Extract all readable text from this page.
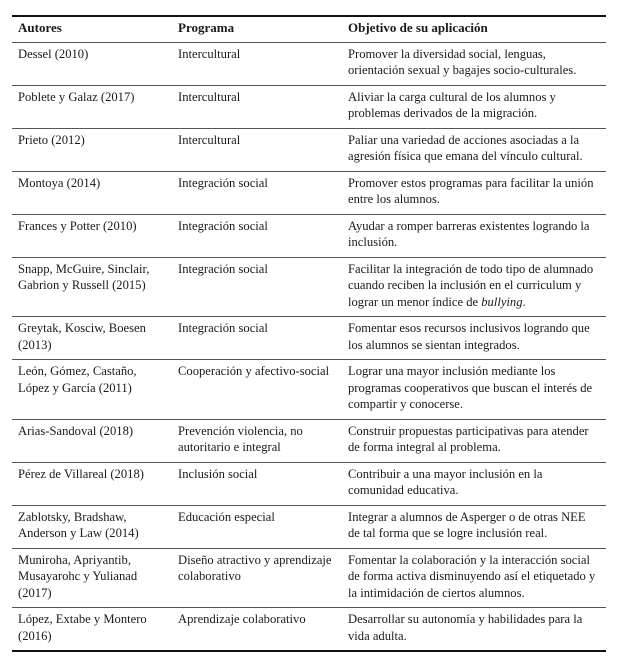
Autores	Programa	Objetivo de su aplicación
Dessel (2010)	Intercultural	Promover la diversidad social, lenguas, orientación sexual y bagajes socio-culturales.
Poblete y Galaz (2017)	Intercultural	Aliviar la carga cultural de los alumnos y problemas derivados de la migración.
Prieto (2012)	Intercultural	Paliar una variedad de acciones asociadas a la agresión física que emana del vínculo cultural.
Montoya (2014)	Integración social	Promover estos programas para facilitar la unión entre los alumnos.
Frances y Potter (2010)	Integración social	Ayudar a romper barreras existentes logrando la inclusión.
Snapp, McGuire, Sinclair, Gabrion y Russell (2015)	Integración social	Facilitar la integración de todo tipo de alumnado cuando reciben la inclusión en el curriculum y lograr un menor índice de bullying.
Greytak, Kosciw, Boesen (2013)	Integración social	Fomentar esos recursos inclusivos logrando que los alumnos se sientan integrados.
León, Gómez, Castaño, López y García (2011)	Cooperación y afectivo-social	Lograr una mayor inclusión mediante los programas cooperativos que buscan el interés de compartir y conocerse.
Arias-Sandoval (2018)	Prevención violencia, no autoritario e integral	Construir propuestas participativas para atender de forma integral al problema.
Pérez de Villareal (2018)	Inclusión social	Contribuir a una mayor inclusión en la comunidad educativa.
Zablotsky, Bradshaw, Anderson y Law (2014)	Educación especial	Integrar a alumnos de Asperger o de otras NEE de tal forma que se logre inclusión real.
Muniroha, Apriyantib, Musayarohc y Yulianad (2017)	Diseño atractivo y aprendizaje colaborativo	Fomentar la colaboración y la interacción social de forma activa disminuyendo así el etiquetado y la intimidación de ciertos alumnos.
López, Extabe y Montero (2016)	Aprendizaje colaborativo	Desarrollar su autonomía y habilidades para la vida adulta.
